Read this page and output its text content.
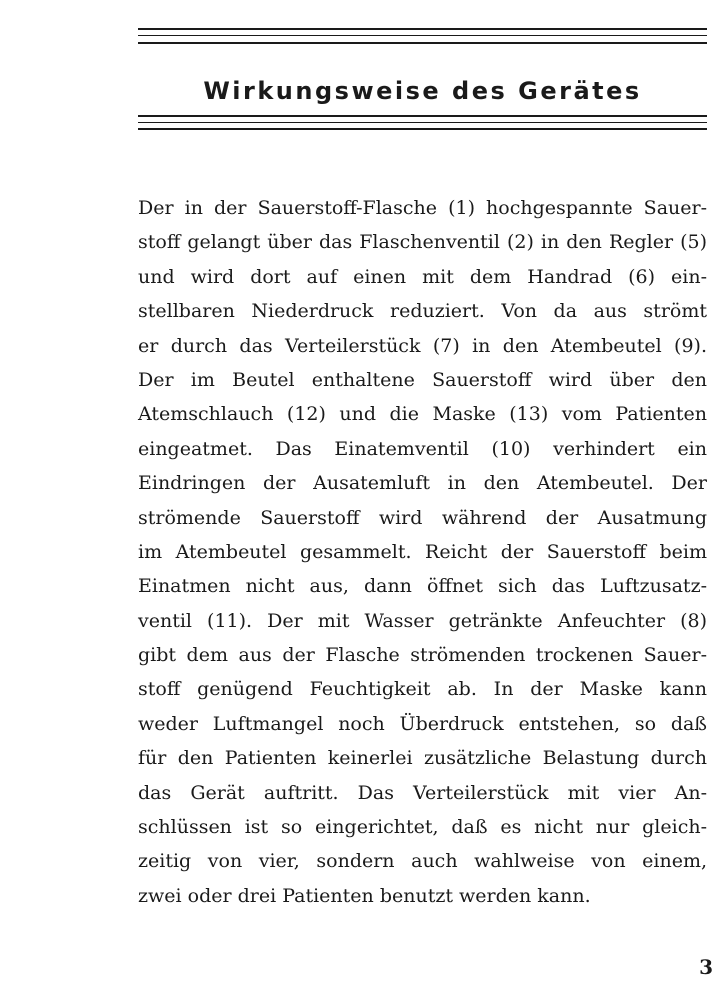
Wirkungsweise des Gerätes

Der in der Sauerstoff-Flasche (1) hochgespannte Sauer-
stoff gelangt über das Flaschenventil (2) in den Regler (5)
und wird dort auf einen mit dem Handrad (6) ein-
stellbaren Niederdruck reduziert. Von da aus strömt
er durch das Verteilerstück (7) in den Atembeutel (9).
Der im Beutel enthaltene Sauerstoff wird über den
Atemschlauch (12) und die Maske (13) vom Patienten
eingeatmet. Das Einatemventil (10) verhindert ein
Eindringen der Ausatemluft in den Atembeutel. Der
strömende Sauerstoff wird während der Ausatmung
im Atembeutel gesammelt. Reicht der Sauerstoff beim
Einatmen nicht aus, dann öffnet sich das Luftzusatz-
ventil (11). Der mit Wasser getränkte Anfeuchter (8)
gibt dem aus der Flasche strömenden trockenen Sauer-
stoff genügend Feuchtigkeit ab. In der Maske kann
weder Luftmangel noch Überdruck entstehen, so daß
für den Patienten keinerlei zusätzliche Belastung durch
das Gerät auftritt. Das Verteilerstück mit vier An-
schlüssen ist so eingerichtet, daß es nicht nur gleich-
zeitig von vier, sondern auch wahlweise von einem,
zwei oder drei Patienten benutzt werden kann.

3
